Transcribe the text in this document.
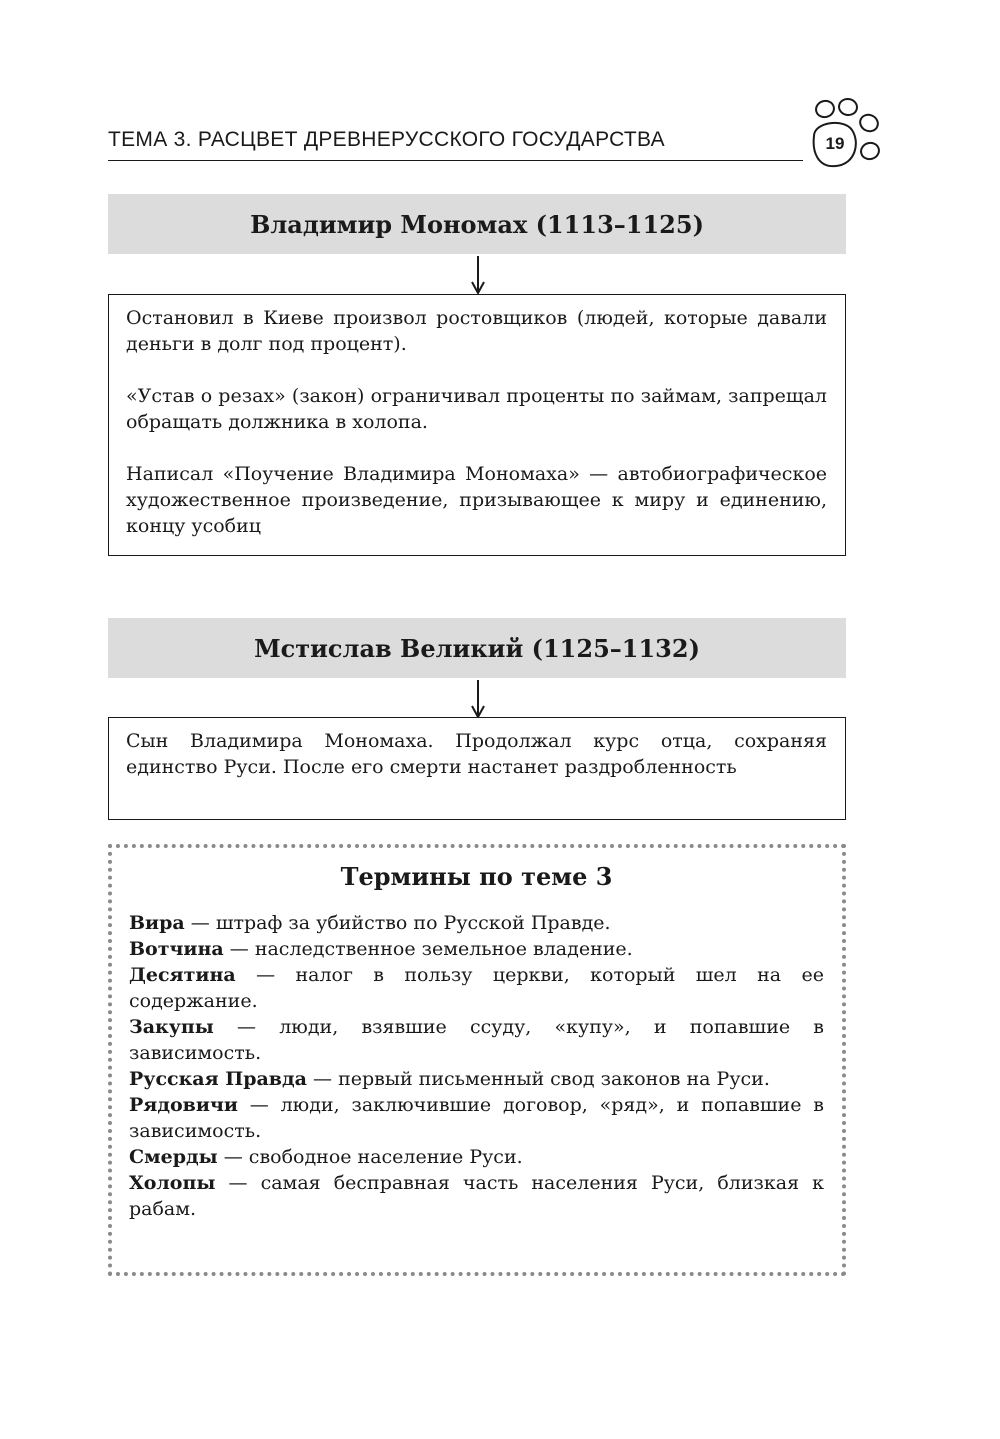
ТЕМА 3. РАСЦВЕТ ДРЕВНЕРУССКОГО ГОСУДАРСТВА	19
Владимир Мономах (1113–1125)

Остановил в Киеве произвол ростовщиков (людей, которые давали деньги в долг под процент).

«Устав о резах» (закон) ограничивал проценты по займам, запрещал обращать должника в холопа.

Написал «Поучение Владимира Мономаха» — автобиографическое художественное произведение, призывающее к миру и единению, концу усобиц

Мстислав Великий (1125–1132)

Сын Владимира Мономаха. Продолжал курс отца, сохраняя единство Руси. После его смерти настанет раздробленность

Термины по теме 3

Вира — штраф за убийство по Русской Правде.

Вотчина — наследственное земельное владение.

Десятина — налог в пользу церкви, который шел на ее содержание.

Закупы — люди, взявшие ссуду, «купу», и попавшие в зависимость.

Русская Правда — первый письменный свод законов на Руси.

Рядовичи — люди, заключившие договор, «ряд», и попавшие в зависимость.

Смерды — свободное население Руси.

Холопы — самая бесправная часть населения Руси, близкая к рабам.
